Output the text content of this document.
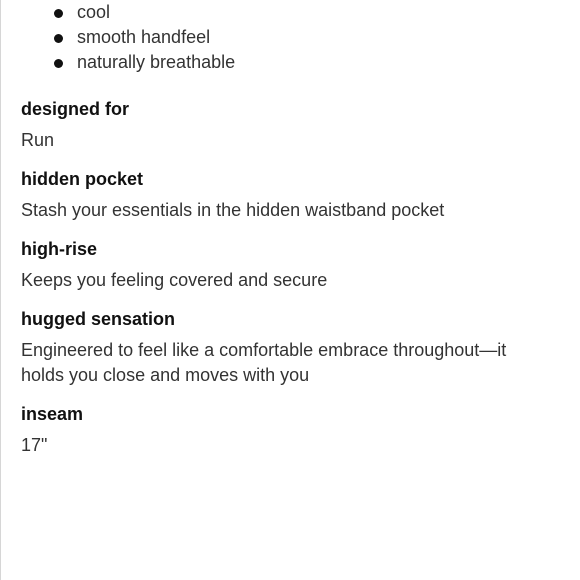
cool
smooth handfeel
naturally breathable
designed for
Run
hidden pocket
Stash your essentials in the hidden waistband pocket
high-rise
Keeps you feeling covered and secure
hugged sensation
Engineered to feel like a comfortable embrace throughout—it holds you close and moves with you
inseam
17"
